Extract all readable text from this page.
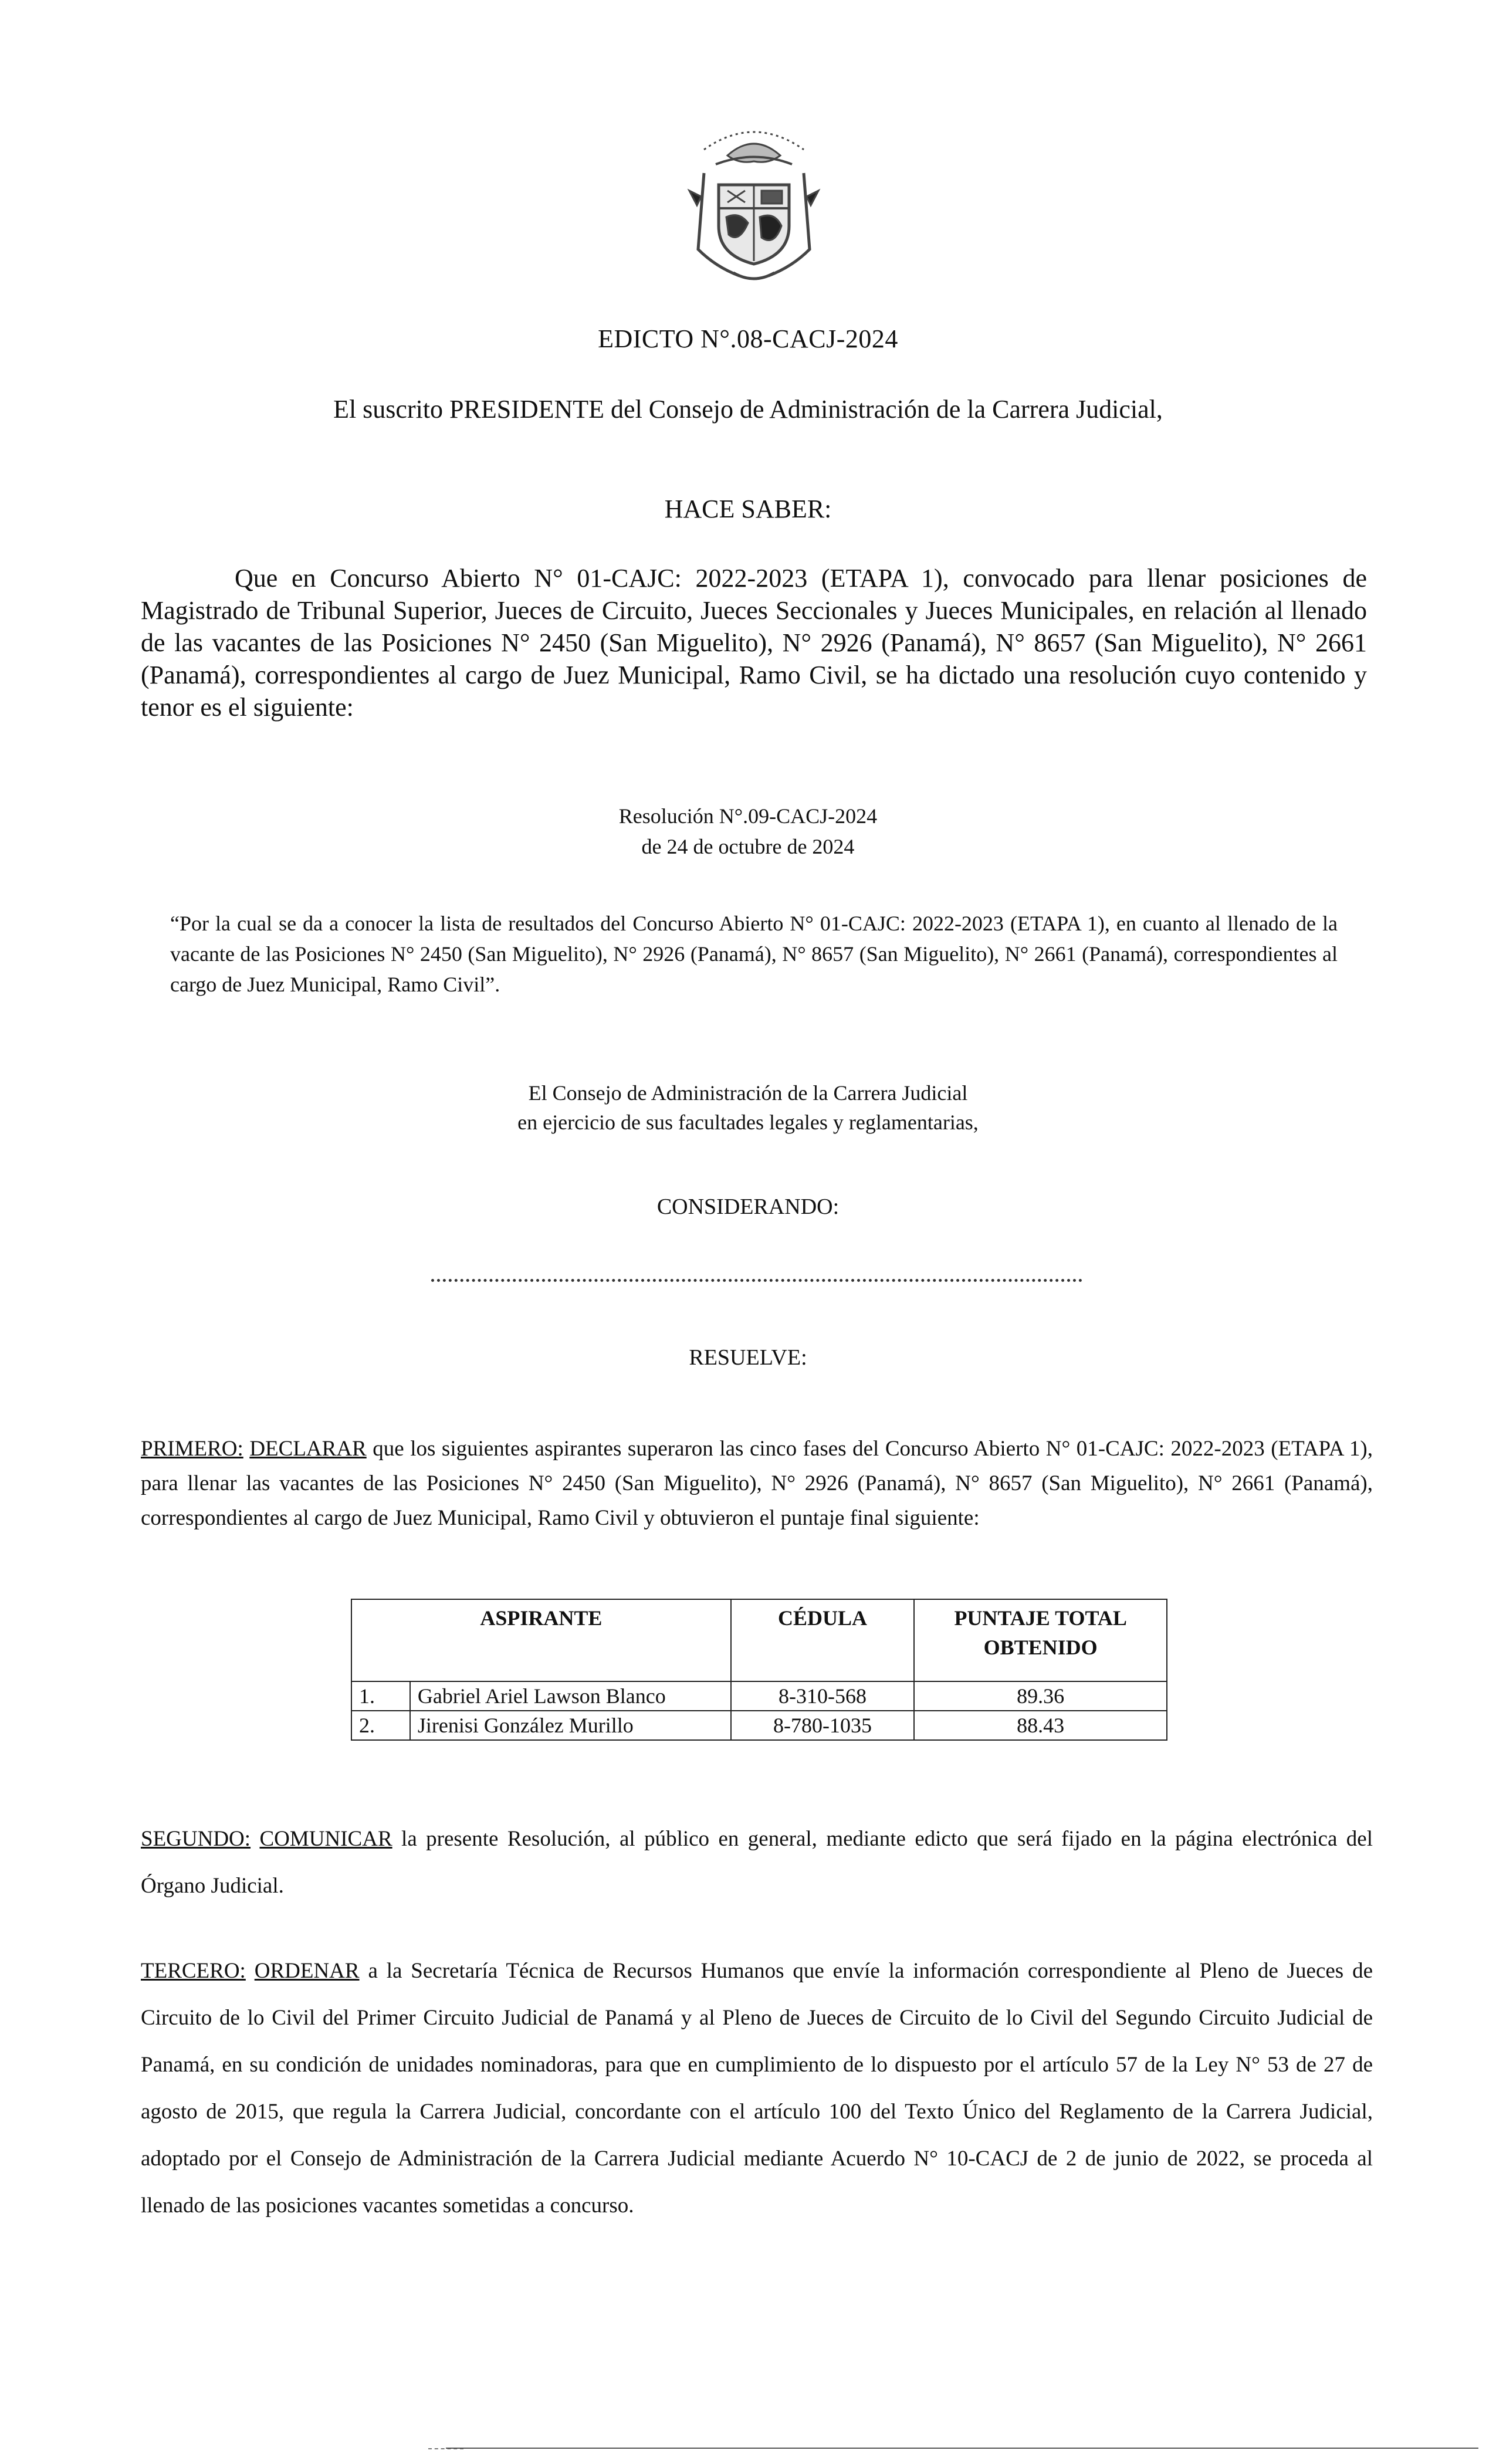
EDICTO N°.08-CACJ-2024
El suscrito PRESIDENTE del Consejo de Administración de la Carrera Judicial,
HACE SABER:
Que en Concurso Abierto N° 01-CAJC: 2022-2023 (ETAPA 1), convocado para llenar posiciones de Magistrado de Tribunal Superior, Jueces de Circuito, Jueces Seccionales y Jueces Municipales, en relación al llenado de las vacantes de las Posiciones N° 2450 (San Miguelito), N° 2926 (Panamá), N° 8657 (San Miguelito), N° 2661 (Panamá), correspondientes al cargo de Juez Municipal, Ramo Civil, se ha dictado una resolución cuyo contenido y tenor es el siguiente:
Resolución N°.09-CACJ-2024
de 24 de octubre de 2024
“Por la cual se da a conocer la lista de resultados del Concurso Abierto N° 01-CAJC: 2022-2023 (ETAPA 1), en cuanto al llenado de la vacante de las Posiciones N° 2450 (San Miguelito), N° 2926 (Panamá), N° 8657 (San Miguelito), N° 2661 (Panamá), correspondientes al cargo de Juez Municipal, Ramo Civil”.
El Consejo de Administración de la Carrera Judicial
en ejercicio de sus facultades legales y reglamentarias,
CONSIDERANDO:
RESUELVE:
PRIMERO: DECLARAR que los siguientes aspirantes superaron las cinco fases del Concurso Abierto N° 01-CAJC: 2022-2023 (ETAPA 1), para llenar las vacantes de las Posiciones N° 2450 (San Miguelito), N° 2926 (Panamá), N° 8657 (San Miguelito), N° 2661 (Panamá), correspondientes al cargo de Juez Municipal, Ramo Civil y obtuvieron el puntaje final siguiente:
ASPIRANTE		CÉDULA	PUNTAJE TOTAL
OBTENIDO

1.	Gabriel Ariel Lawson Blanco	8-310-568	89.36
2.	Jirenisi González Murillo	8-780-1035	88.43
SEGUNDO: COMUNICAR la presente Resolución, al público en general, mediante edicto que será fijado en la página electrónica del Órgano Judicial.
TERCERO: ORDENAR a la Secretaría Técnica de Recursos Humanos que envíe la información correspondiente al Pleno de Jueces de Circuito de lo Civil del Primer Circuito Judicial de Panamá y al Pleno de Jueces de Circuito de lo Civil del Segundo Circuito Judicial de Panamá, en su condición de unidades nominadoras, para que en cumplimiento de lo dispuesto por el artículo 57 de la Ley N° 53 de 27 de agosto de 2015, que regula la Carrera Judicial, concordante con el artículo 100 del Texto Único del Reglamento de la Carrera Judicial, adoptado por el Consejo de Administración de la Carrera Judicial mediante Acuerdo N° 10-CACJ de 2 de junio de 2022, se proceda al llenado de las posiciones vacantes sometidas a concurso.
